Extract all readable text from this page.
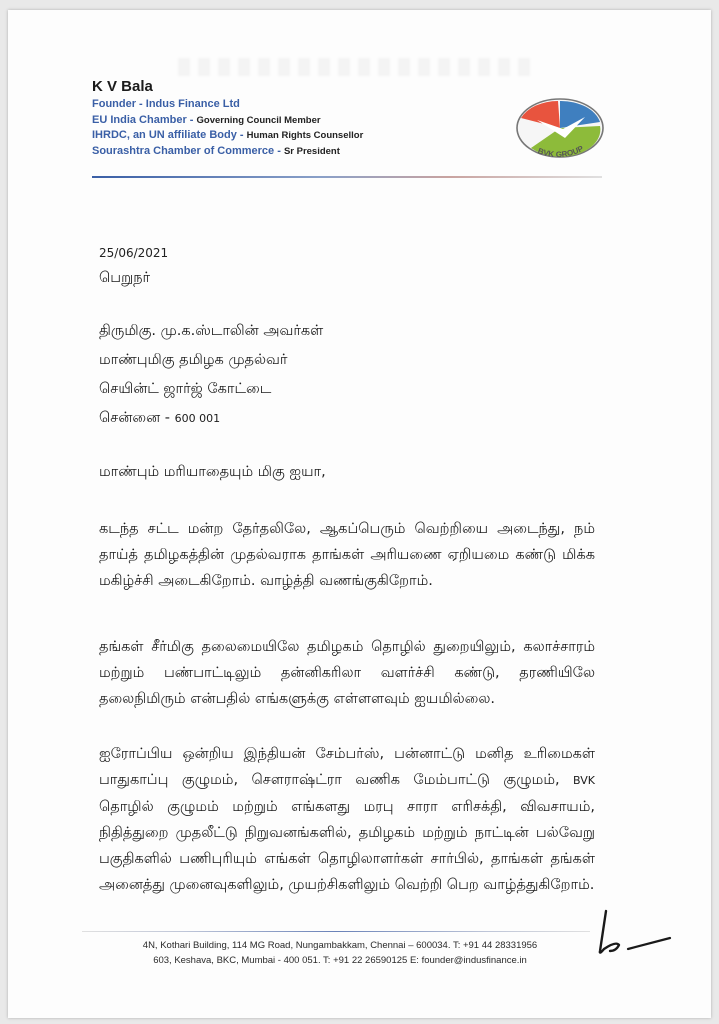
K V Bala
Founder - Indus Finance Ltd
EU India Chamber - Governing Council Member
IHRDC, an UN affiliate Body - Human Rights Counsellor
Sourashtra Chamber of Commerce - Sr President	BVK GROUP
25/06/2021
பெறுநர்
திருமிகு. மு.க.ஸ்டாலின் அவர்கள்
மாண்புமிகு தமிழக முதல்வர்
செயின்ட் ஜார்ஜ் கோட்டை
சென்னை - 600 001
மாண்பும் மரியாதையும் மிகு ஐயா,
கடந்த சட்ட மன்ற தேர்தலிலே, ஆகப்பெரும் வெற்றியை அடைந்து, நம் தாய்த் தமிழகத்தின் முதல்வராக தாங்கள் அரியணை ஏறியமை கண்டு மிக்க மகிழ்ச்சி அடைகிறோம். வாழ்த்தி வணங்குகிறோம்.
தங்கள் சீர்மிகு தலைமையிலே தமிழகம் தொழில் துறையிலும், கலாச்சாரம் மற்றும் பண்பாட்டிலும் தன்னிகரிலா வளர்ச்சி கண்டு, தரணியிலே தலைநிமிரும் என்பதில் எங்களுக்கு எள்ளளவும் ஐயமில்லை.
ஐரோப்பிய ஒன்றிய இந்தியன் சேம்பர்ஸ், பன்னாட்டு மனித உரிமைகள் பாதுகாப்பு குழுமம், சௌராஷ்ட்ரா வணிக மேம்பாட்டு குழுமம், BVK தொழில் குழுமம் மற்றும் எங்களது மரபு சாரா எரிசக்தி, விவசாயம், நிதித்துறை முதலீட்டு நிறுவனங்களில், தமிழகம் மற்றும் நாட்டின் பல்வேறு பகுதிகளில் பணிபுரியும் எங்கள் தொழிலாளர்கள் சார்பில், தாங்கள் தங்கள் அனைத்து முனைவுகளிலும், முயற்சிகளிலும் வெற்றி பெற வாழ்த்துகிறோம்.
4N, Kothari Building, 114 MG Road, Nungambakkam, Chennai – 600034. T: +91 44 28331956
603, Keshava, BKC, Mumbai - 400 051. T: +91 22 26590125 E: founder@indusfinance.in
